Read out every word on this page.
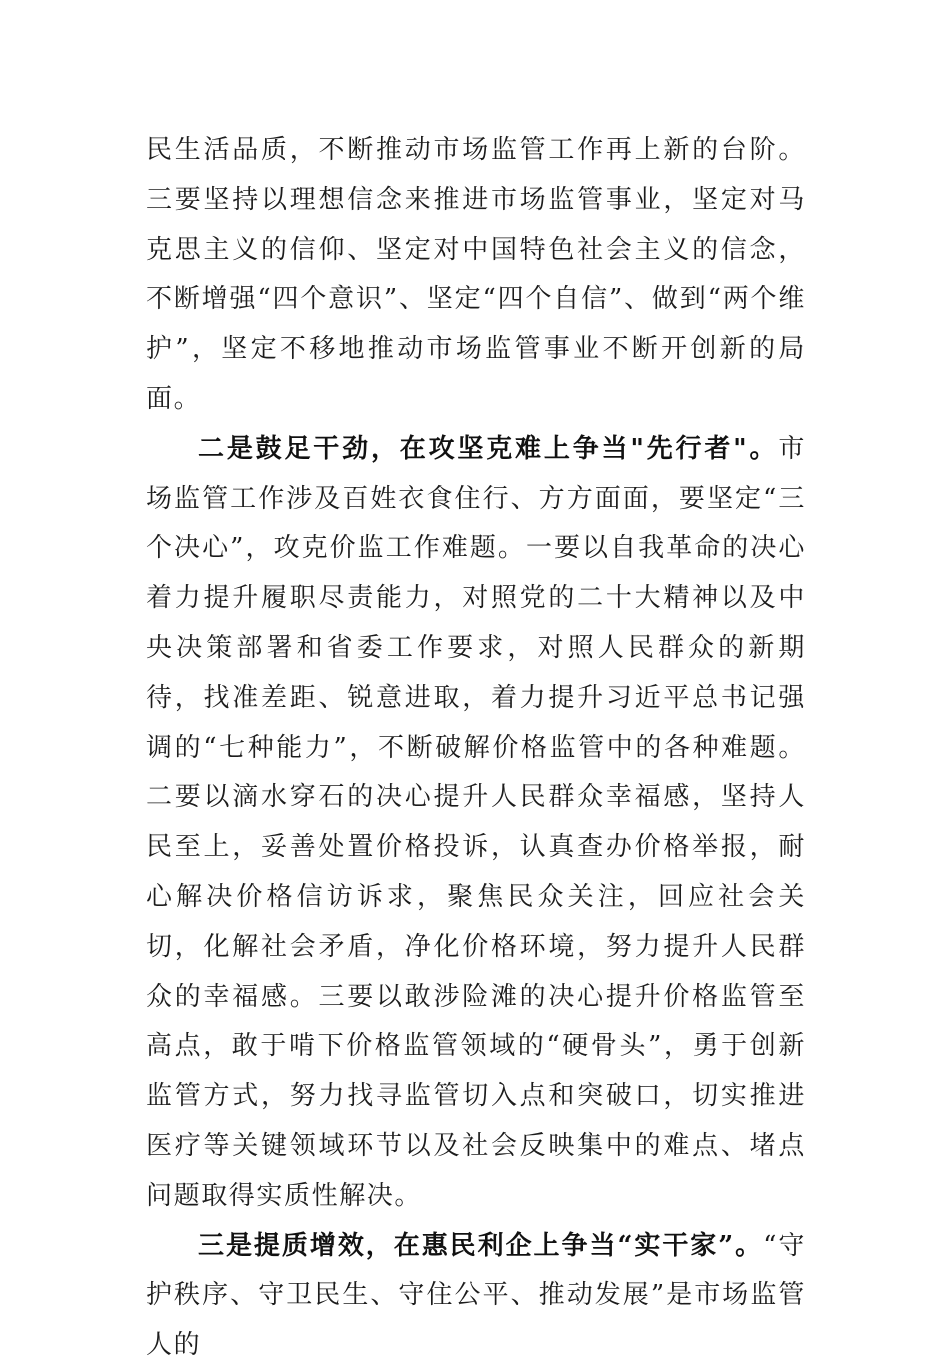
民生活品质，不断推动市场监管工作再上新的台阶。三要坚持以理想信念来推进市场监管事业，坚定对马克思主义的信仰、坚定对中国特色社会主义的信念，不断增强“四个意识”、坚定“四个自信”、做到“两个维护”，坚定不移地推动市场监管事业不断开创新的局面。

二是鼓足干劲，在攻坚克难上争当"先行者"。市场监管工作涉及百姓衣食住行、方方面面，要坚定“三个决心”，攻克价监工作难题。一要以自我革命的决心着力提升履职尽责能力，对照党的二十大精神以及中央决策部署和省委工作要求，对照人民群众的新期待，找准差距、锐意进取，着力提升习近平总书记强调的“七种能力”，不断破解价格监管中的各种难题。二要以滴水穿石的决心提升人民群众幸福感，坚持人民至上，妥善处置价格投诉，认真查办价格举报，耐心解决价格信访诉求，聚焦民众关注，回应社会关切，化解社会矛盾，净化价格环境，努力提升人民群众的幸福感。三要以敢涉险滩的决心提升价格监管至高点，敢于啃下价格监管领域的“硬骨头”，勇于创新监管方式，努力找寻监管切入点和突破口，切实推进医疗等关键领域环节以及社会反映集中的难点、堵点问题取得实质性解决。

三是提质增效，在惠民利企上争当“实干家”。“守护秩序、守卫民生、守住公平、推动发展”是市场监管人的
